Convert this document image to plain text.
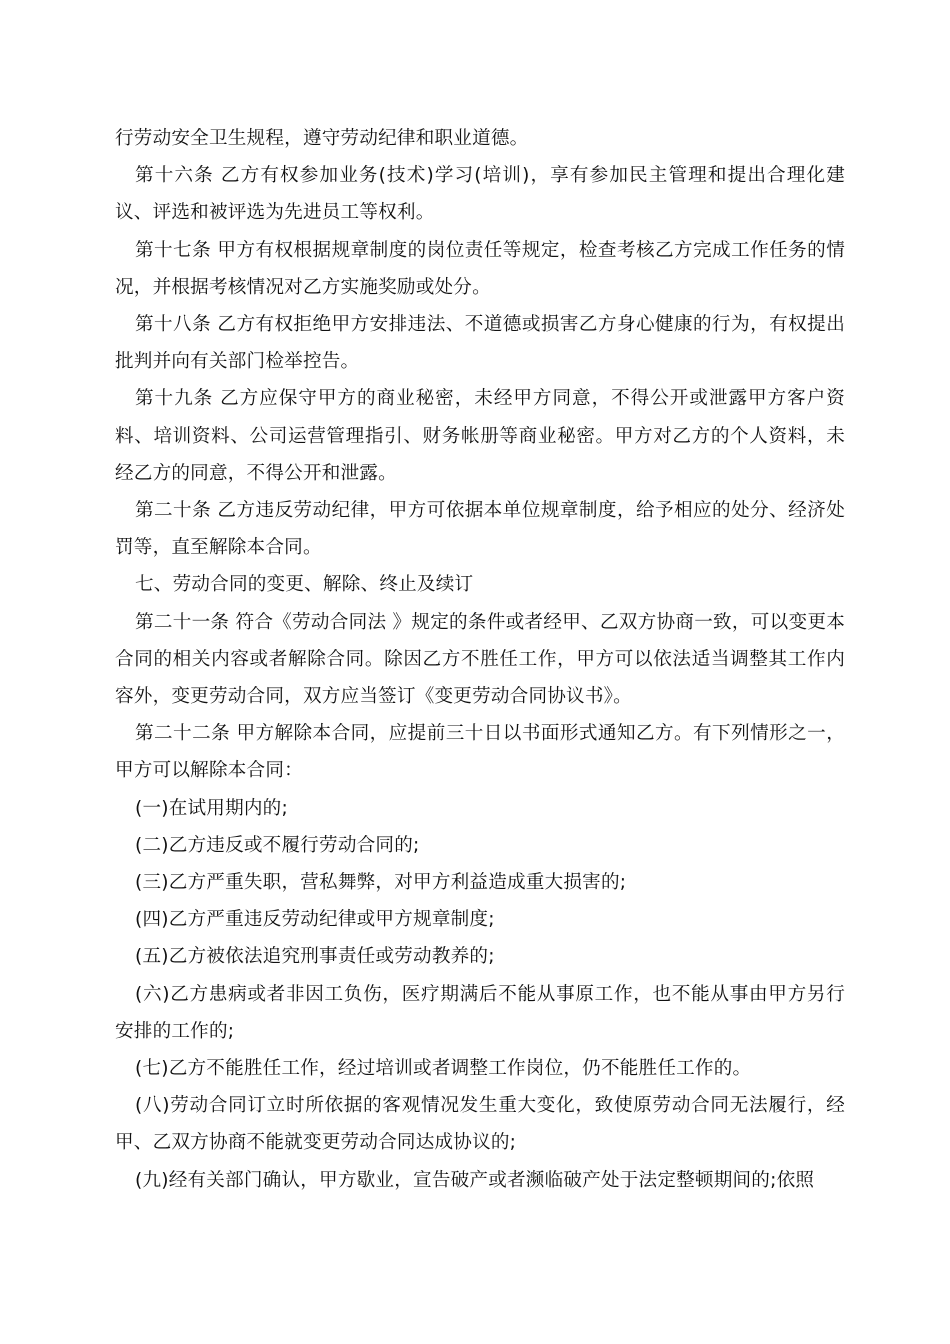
行劳动安全卫生规程，遵守劳动纪律和职业道德。

第十六条 乙方有权参加业务(技术)学习(培训)，享有参加民主管理和提出合理化建议、评选和被评选为先进员工等权利。

第十七条 甲方有权根据规章制度的岗位责任等规定，检查考核乙方完成工作任务的情况，并根据考核情况对乙方实施奖励或处分。

第十八条 乙方有权拒绝甲方安排违法、不道德或损害乙方身心健康的行为，有权提出批判并向有关部门检举控告。

第十九条 乙方应保守甲方的商业秘密，未经甲方同意，不得公开或泄露甲方客户资料、培训资料、公司运营管理指引、财务帐册等商业秘密。甲方对乙方的个人资料，未经乙方的同意，不得公开和泄露。

第二十条 乙方违反劳动纪律，甲方可依据本单位规章制度，给予相应的处分、经济处罚等，直至解除本合同。

七、劳动合同的变更、解除、终止及续订

第二十一条 符合《劳动合同法 》规定的条件或者经甲、乙双方协商一致，可以变更本合同的相关内容或者解除合同。除因乙方不胜任工作，甲方可以依法适当调整其工作内容外，变更劳动合同，双方应当签订《变更劳动合同协议书》。

第二十二条 甲方解除本合同，应提前三十日以书面形式通知乙方。有下列情形之一，甲方可以解除本合同：

(一)在试用期内的;

(二)乙方违反或不履行劳动合同的;

(三)乙方严重失职，营私舞弊，对甲方利益造成重大损害的;

(四)乙方严重违反劳动纪律或甲方规章制度;

(五)乙方被依法追究刑事责任或劳动教养的;

(六)乙方患病或者非因工负伤，医疗期满后不能从事原工作，也不能从事由甲方另行安排的工作的;

(七)乙方不能胜任工作，经过培训或者调整工作岗位，仍不能胜任工作的。

(八)劳动合同订立时所依据的客观情况发生重大变化，致使原劳动合同无法履行，经甲、乙双方协商不能就变更劳动合同达成协议的;

(九)经有关部门确认，甲方歇业，宣告破产或者濒临破产处于法定整顿期间的;依照
